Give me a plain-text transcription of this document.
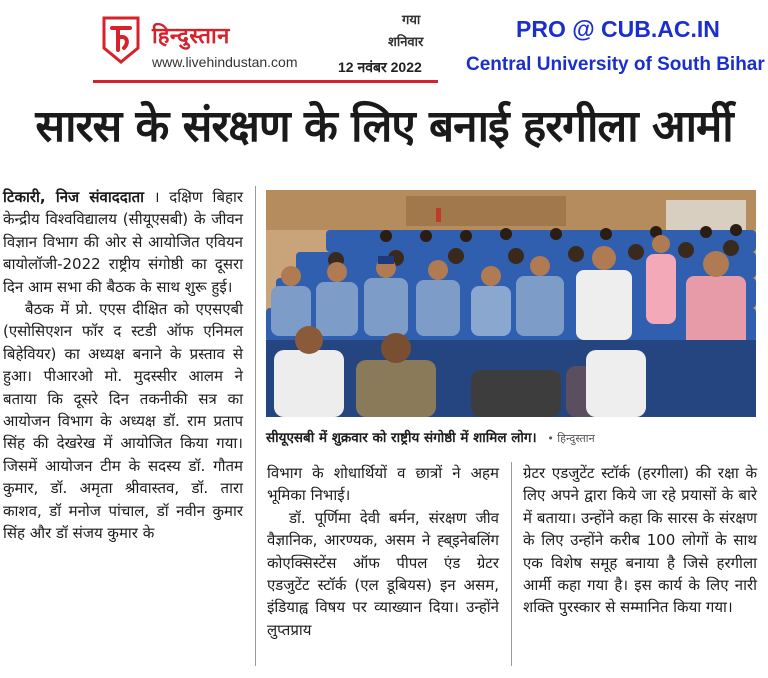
हिन्दुस्तान
www.livehindustan.com
गया
शनिवार
12 नवंबर 2022
PRO @ CUB.AC.IN
Central University of South Bihar
सारस के संरक्षण के लिए बनाई हरगीला आर्मी

टिकारी, निज संवाददाता । दक्षिण बिहार केन्द्रीय विश्वविद्यालय (सीयूएसबी) के जीवन विज्ञान विभाग की ओर से आयोजित एवियन बायोलॉजी-2022 राष्ट्रीय संगोष्ठी का दूसरा दिन आम सभा की बैठक के साथ शुरू हुई।

बैठक में प्रो. एएस दीक्षित को एएसएबी (एसोसिएशन फॉर द स्टडी ऑफ एनिमल बिहेवियर) का अध्यक्ष बनाने के प्रस्ताव से हुआ। पीआरओ मो. मुदस्सीर आलम ने बताया कि दूसरे दिन तकनीकी सत्र का आयोजन विभाग के अध्यक्ष डॉ. राम प्रताप सिंह की देखरेख में आयोजित किया गया। जिसमें आयोजन टीम के सदस्य डॉ. गौतम कुमार, डॉ. अमृता श्रीवास्तव, डॉ. तारा काशव, डॉ मनोज पांचाल, डॉ नवीन कुमार सिंह और डॉ संजय कुमार के

सीयूएसबी में शुक्रवार को राष्ट्रीय संगोष्ठी में शामिल लोग। • हिन्दुस्तान

विभाग के शोधार्थियों व छात्रों ने अहम भूमिका निभाई।

डॉ. पूर्णिमा देवी बर्मन, संरक्षण जीव वैज्ञानिक, आरण्यक, असम ने ह्ब्इनेबलिंग कोएक्सिस्टेंस ऑफ पीपल एंड ग्रेटर एडजुटेंट स्टॉर्क (एल डूबियस) इन असम, इंडियाह्व विषय पर व्याख्यान दिया। उन्होंने लुप्तप्राय

ग्रेटर एडजुटेंट स्टॉर्क (हरगीला) की रक्षा के लिए अपने द्वारा किये जा रहे प्रयासों के बारे में बताया। उन्होंने कहा कि सारस के संरक्षण के लिए उन्होंने करीब 100 लोगों के साथ एक विशेष समूह बनाया है जिसे हरगीला आर्मी कहा गया है। इस कार्य के लिए नारी शक्ति पुरस्कार से सम्मानित किया गया।
